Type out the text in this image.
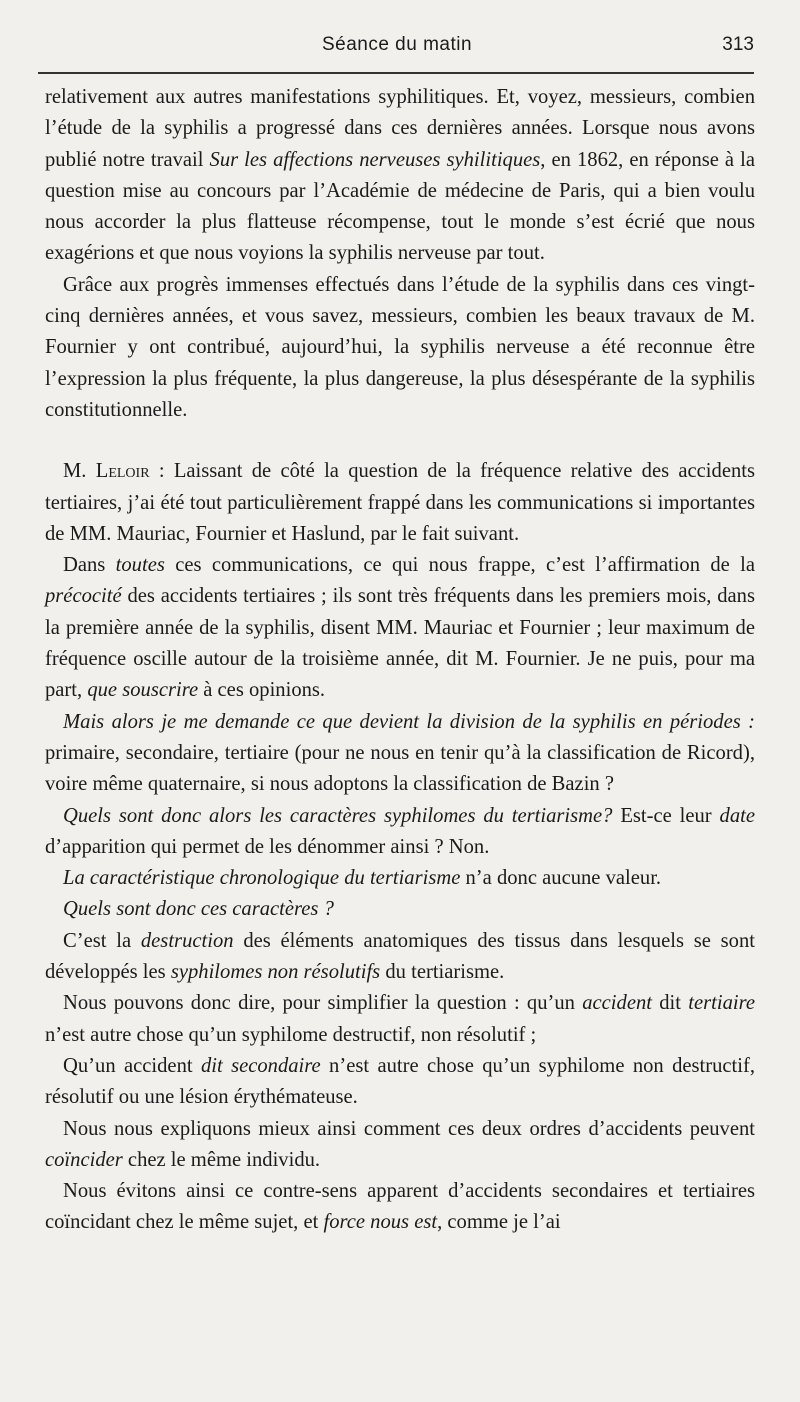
Séance du matin	313

relativement aux autres manifestations syphilitiques. Et, voyez, messieurs, combien l’étude de la syphilis a progressé dans ces dernières années. Lorsque nous avons publié notre travail Sur les affections nerveuses syhilitiques, en 1862, en réponse à la question mise au concours par l’Académie de médecine de Paris, qui a bien voulu nous accorder la plus flatteuse récompense, tout le monde s’est écrié que nous exagérions et que nous voyions la syphilis nerveuse par tout.

Grâce aux progrès immenses effectués dans l’étude de la syphilis dans ces vingt-cinq dernières années, et vous savez, messieurs, combien les beaux travaux de M. Fournier y ont contribué, aujourd’hui, la syphilis nerveuse a été reconnue être l’expression la plus fréquente, la plus dangereuse, la plus désespérante de la syphilis constitutionnelle.

M. Leloir : Laissant de côté la question de la fréquence relative des accidents tertiaires, j’ai été tout particulièrement frappé dans les communications si importantes de MM. Mauriac, Fournier et Haslund, par le fait suivant.

Dans toutes ces communications, ce qui nous frappe, c’est l’affirmation de la précocité des accidents tertiaires ; ils sont très fréquents dans les premiers mois, dans la première année de la syphilis, disent MM. Mauriac et Fournier ; leur maximum de fréquence oscille autour de la troisième année, dit M. Fournier. Je ne puis, pour ma part, que souscrire à ces opinions.

Mais alors je me demande ce que devient la division de la syphilis en périodes : primaire, secondaire, tertiaire (pour ne nous en tenir qu’à la classification de Ricord), voire même quaternaire, si nous adoptons la classification de Bazin ?

Quels sont donc alors les caractères syphilomes du tertiarisme? Est-ce leur date d’apparition qui permet de les dénommer ainsi ? Non.

La caractéristique chronologique du tertiarisme n’a donc aucune valeur.

Quels sont donc ces caractères ?

C’est la destruction des éléments anatomiques des tissus dans lesquels se sont développés les syphilomes non résolutifs du tertiarisme.

Nous pouvons donc dire, pour simplifier la question : qu’un accident dit tertiaire n’est autre chose qu’un syphilome destructif, non résolutif ;

Qu’un accident dit secondaire n’est autre chose qu’un syphilome non destructif, résolutif ou une lésion érythémateuse.

Nous nous expliquons mieux ainsi comment ces deux ordres d’accidents peuvent coïncider chez le même individu.

Nous évitons ainsi ce contre-sens apparent d’accidents secondaires et tertiaires coïncidant chez le même sujet, et force nous est, comme je l’ai
